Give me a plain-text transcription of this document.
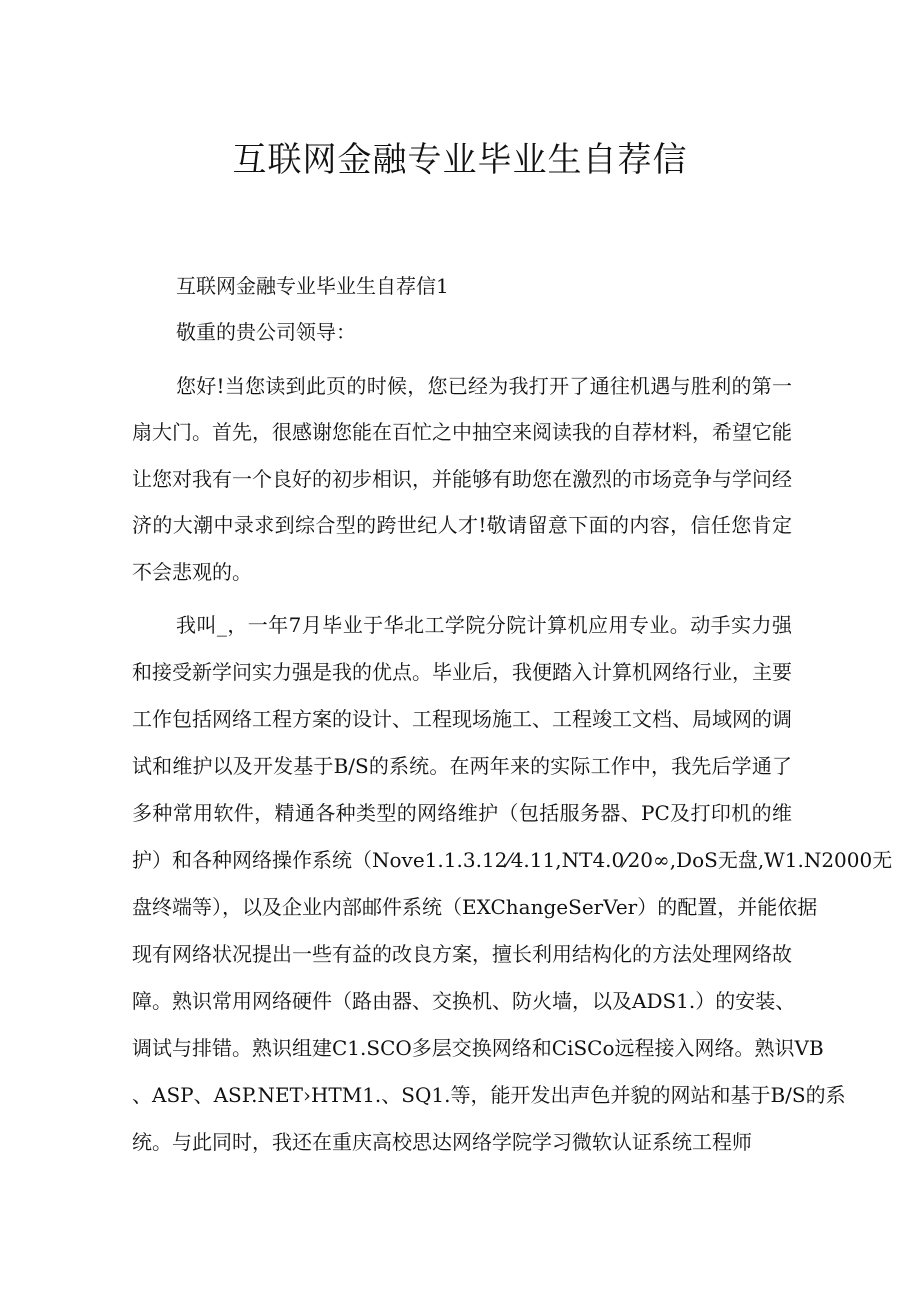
互联网金融专业毕业生自荐信

互联网金融专业毕业生自荐信1

敬重的贵公司领导：

您好!当您读到此页的时候，您已经为我打开了通往机遇与胜利的第一

扇大门。首先，很感谢您能在百忙之中抽空来阅读我的自荐材料，希望它能

让您对我有一个良好的初步相识，并能够有助您在激烈的市场竞争与学问经

济的大潮中录求到综合型的跨世纪人才!敬请留意下面的内容，信任您肯定

不会悲观的。

我叫_，一年7月毕业于华北工学院分院计算机应用专业。动手实力强

和接受新学问实力强是我的优点。毕业后，我便踏入计算机网络行业，主要

工作包括网络工程方案的设计、工程现场施工、工程竣工文档、局域网的调

试和维护以及开发基于B/S的系统。在两年来的实际工作中，我先后学通了

多种常用软件，精通各种类型的网络维护（包括服务器、PC及打印机的维

护）和各种网络操作系统（Nove1.1.3.12⁄4.11,NT4.0⁄20∞,DoS无盘,W1.N2000无

盘终端等），以及企业内部邮件系统（EXChangeSerVer）的配置，并能依据

现有网络状况提出一些有益的改良方案，擅长利用结构化的方法处理网络故

障。熟识常用网络硬件（路由器、交换机、防火墙，以及ADS1.）的安装、

调试与排错。熟识组建C1.SCO多层交换网络和CiSCo远程接入网络。熟识VB

、ASP、ASP.NET›HTM1.、SQ1.等，能开发出声色并貌的网站和基于B/S的系

统。与此同时，我还在重庆高校思达网络学院学习微软认证系统工程师
